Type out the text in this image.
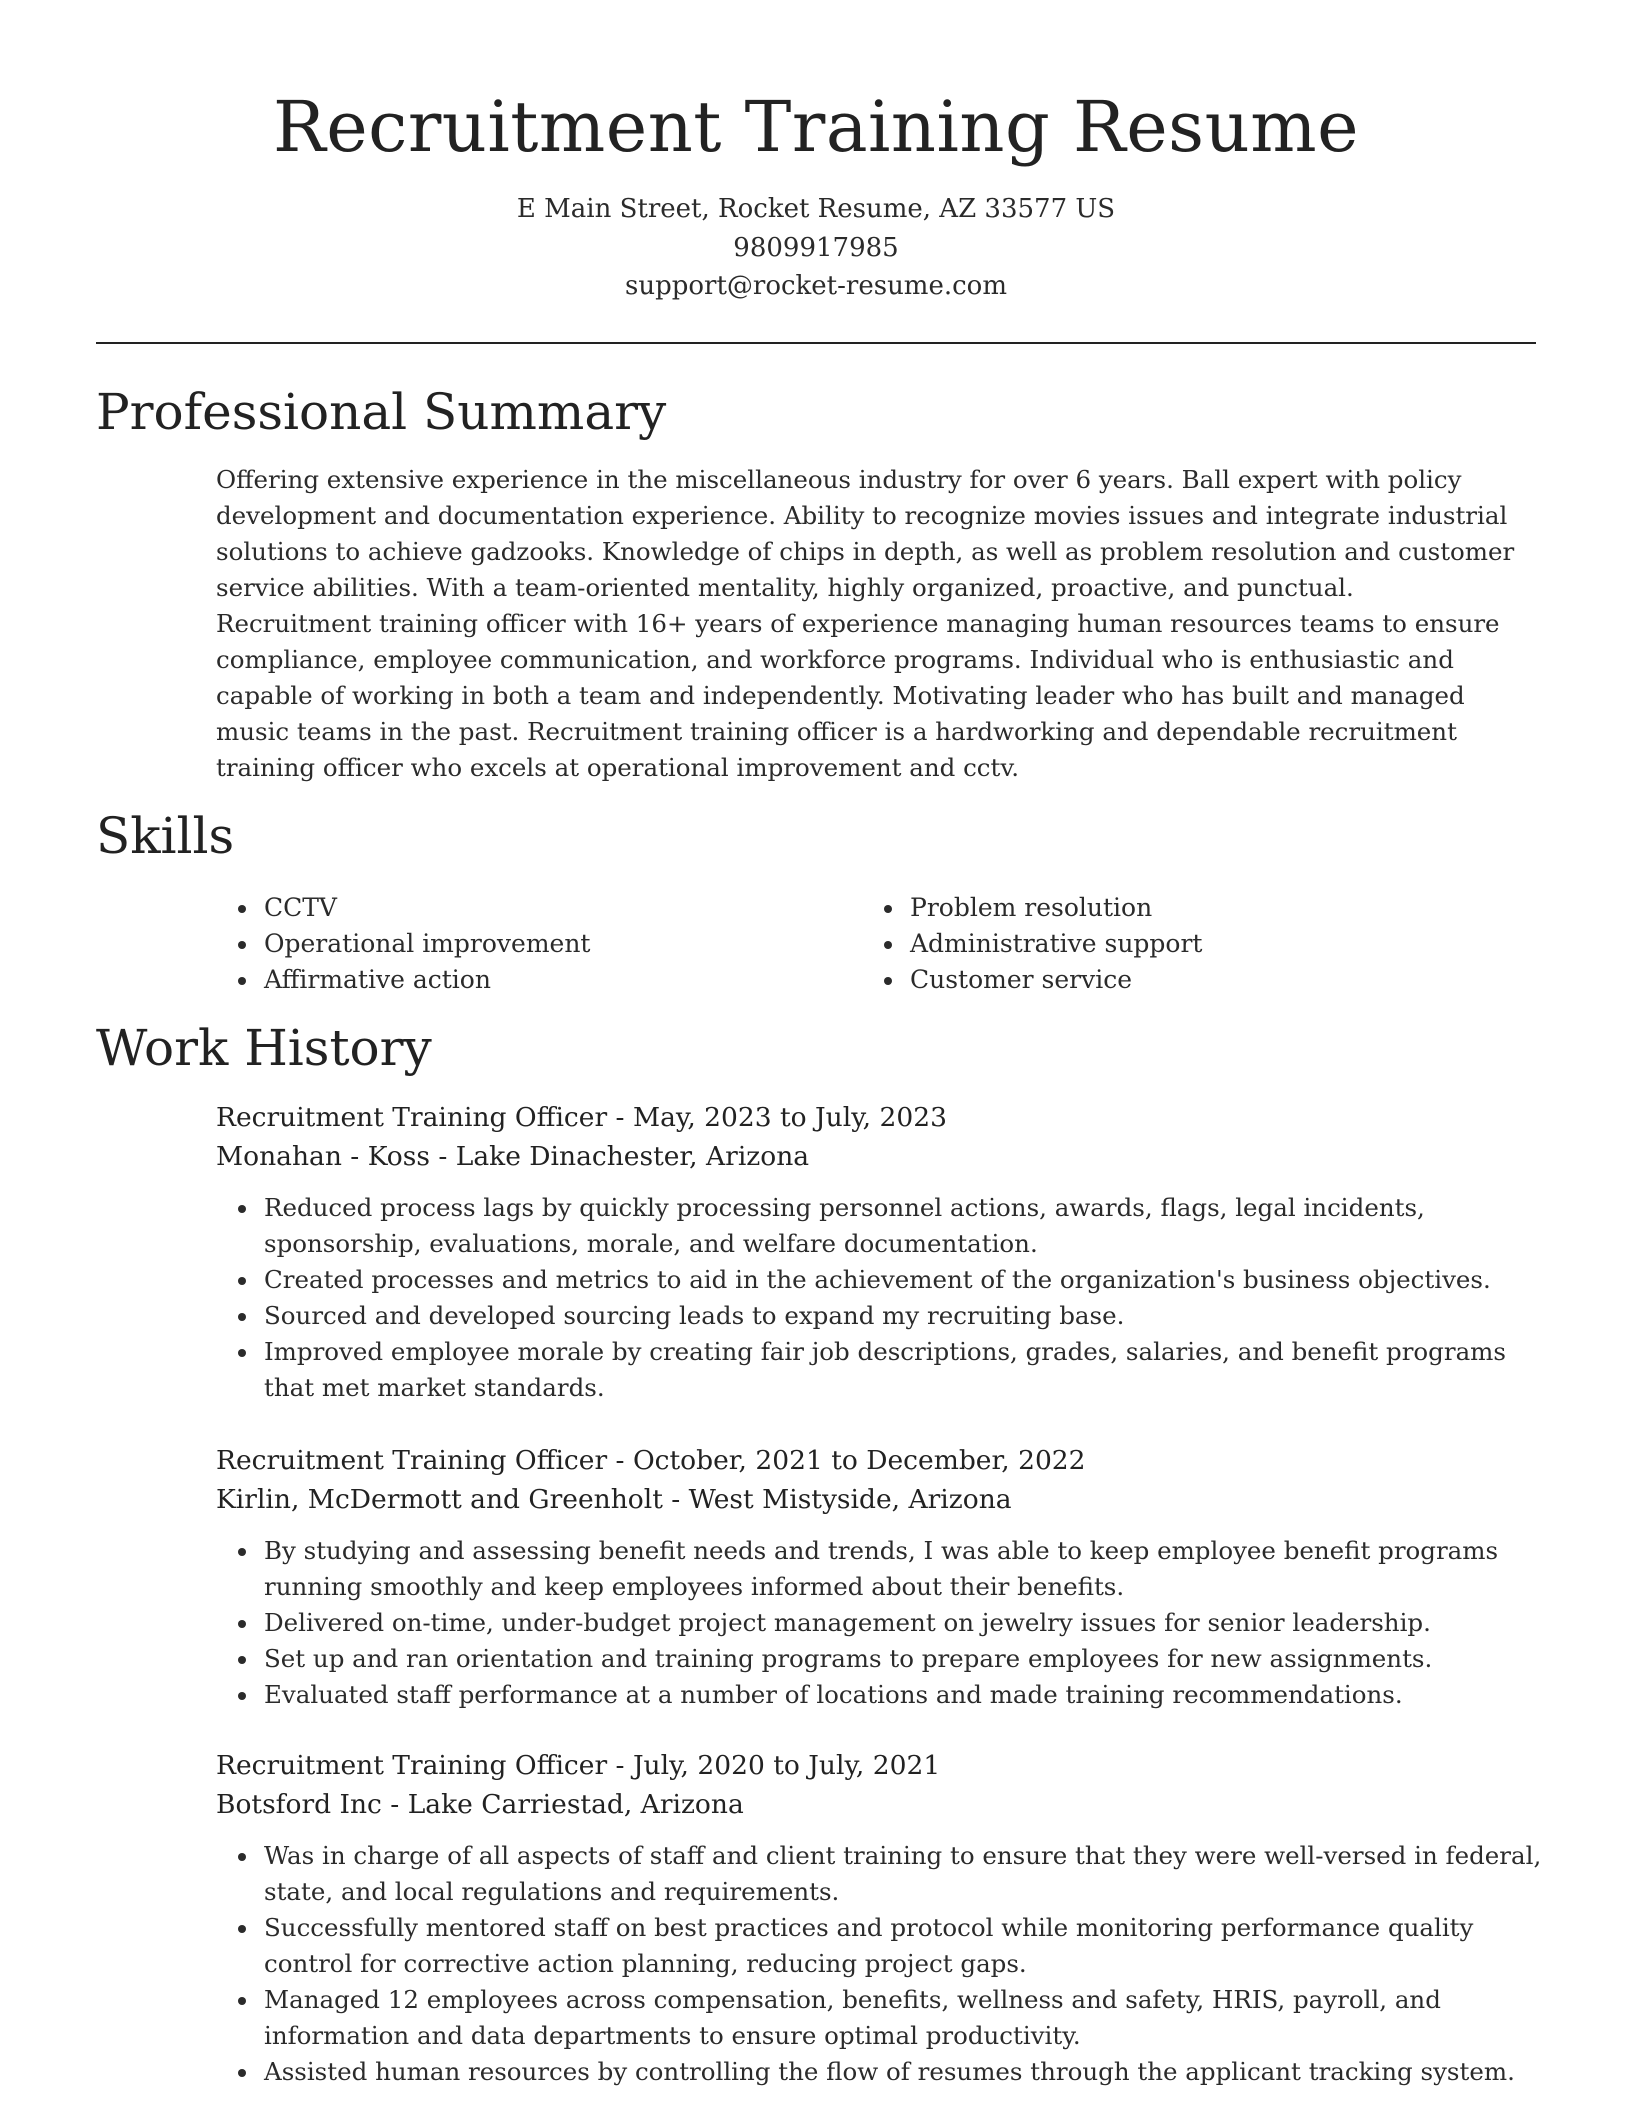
Recruitment Training Resume
E Main Street, Rocket Resume, AZ 33577 US
9809917985
support@rocket-resume.com
Professional Summary

Offering extensive experience in the miscellaneous industry for over 6 years. Ball expert with policy development and documentation experience. Ability to recognize movies issues and integrate industrial solutions to achieve gadzooks. Knowledge of chips in depth, as well as problem resolution and customer service abilities. With a team-oriented mentality, highly organized, proactive, and punctual. Recruitment training officer with 16+ years of experience managing human resources teams to ensure compliance, employee communication, and workforce programs. Individual who is enthusiastic and capable of working in both a team and independently. Motivating leader who has built and managed music teams in the past. Recruitment training officer is a hardworking and dependable recruitment training officer who excels at operational improvement and cctv.

Skills
• CCTV
• Operational improvement
• Affirmative action
• Problem resolution
• Administrative support
• Customer service
Work History

Recruitment Training Officer - May, 2023 to July, 2023

Monahan - Koss - Lake Dinachester, Arizona

• Reduced process lags by quickly processing personnel actions, awards, flags, legal incidents, sponsorship, evaluations, morale, and welfare documentation.
• Created processes and metrics to aid in the achievement of the organization's business objectives.
• Sourced and developed sourcing leads to expand my recruiting base.
• Improved employee morale by creating fair job descriptions, grades, salaries, and benefit programs that met market standards.

Recruitment Training Officer - October, 2021 to December, 2022

Kirlin, McDermott and Greenholt - West Mistyside, Arizona

• By studying and assessing benefit needs and trends, I was able to keep employee benefit programs running smoothly and keep employees informed about their benefits.
• Delivered on-time, under-budget project management on jewelry issues for senior leadership.
• Set up and ran orientation and training programs to prepare employees for new assignments.
• Evaluated staff performance at a number of locations and made training recommendations.

Recruitment Training Officer - July, 2020 to July, 2021

Botsford Inc - Lake Carriestad, Arizona

• Was in charge of all aspects of staff and client training to ensure that they were well-versed in federal, state, and local regulations and requirements.
• Successfully mentored staff on best practices and protocol while monitoring performance quality control for corrective action planning, reducing project gaps.
• Managed 12 employees across compensation, benefits, wellness and safety, HRIS, payroll, and information and data departments to ensure optimal productivity.
• Assisted human resources by controlling the flow of resumes through the applicant tracking system.
